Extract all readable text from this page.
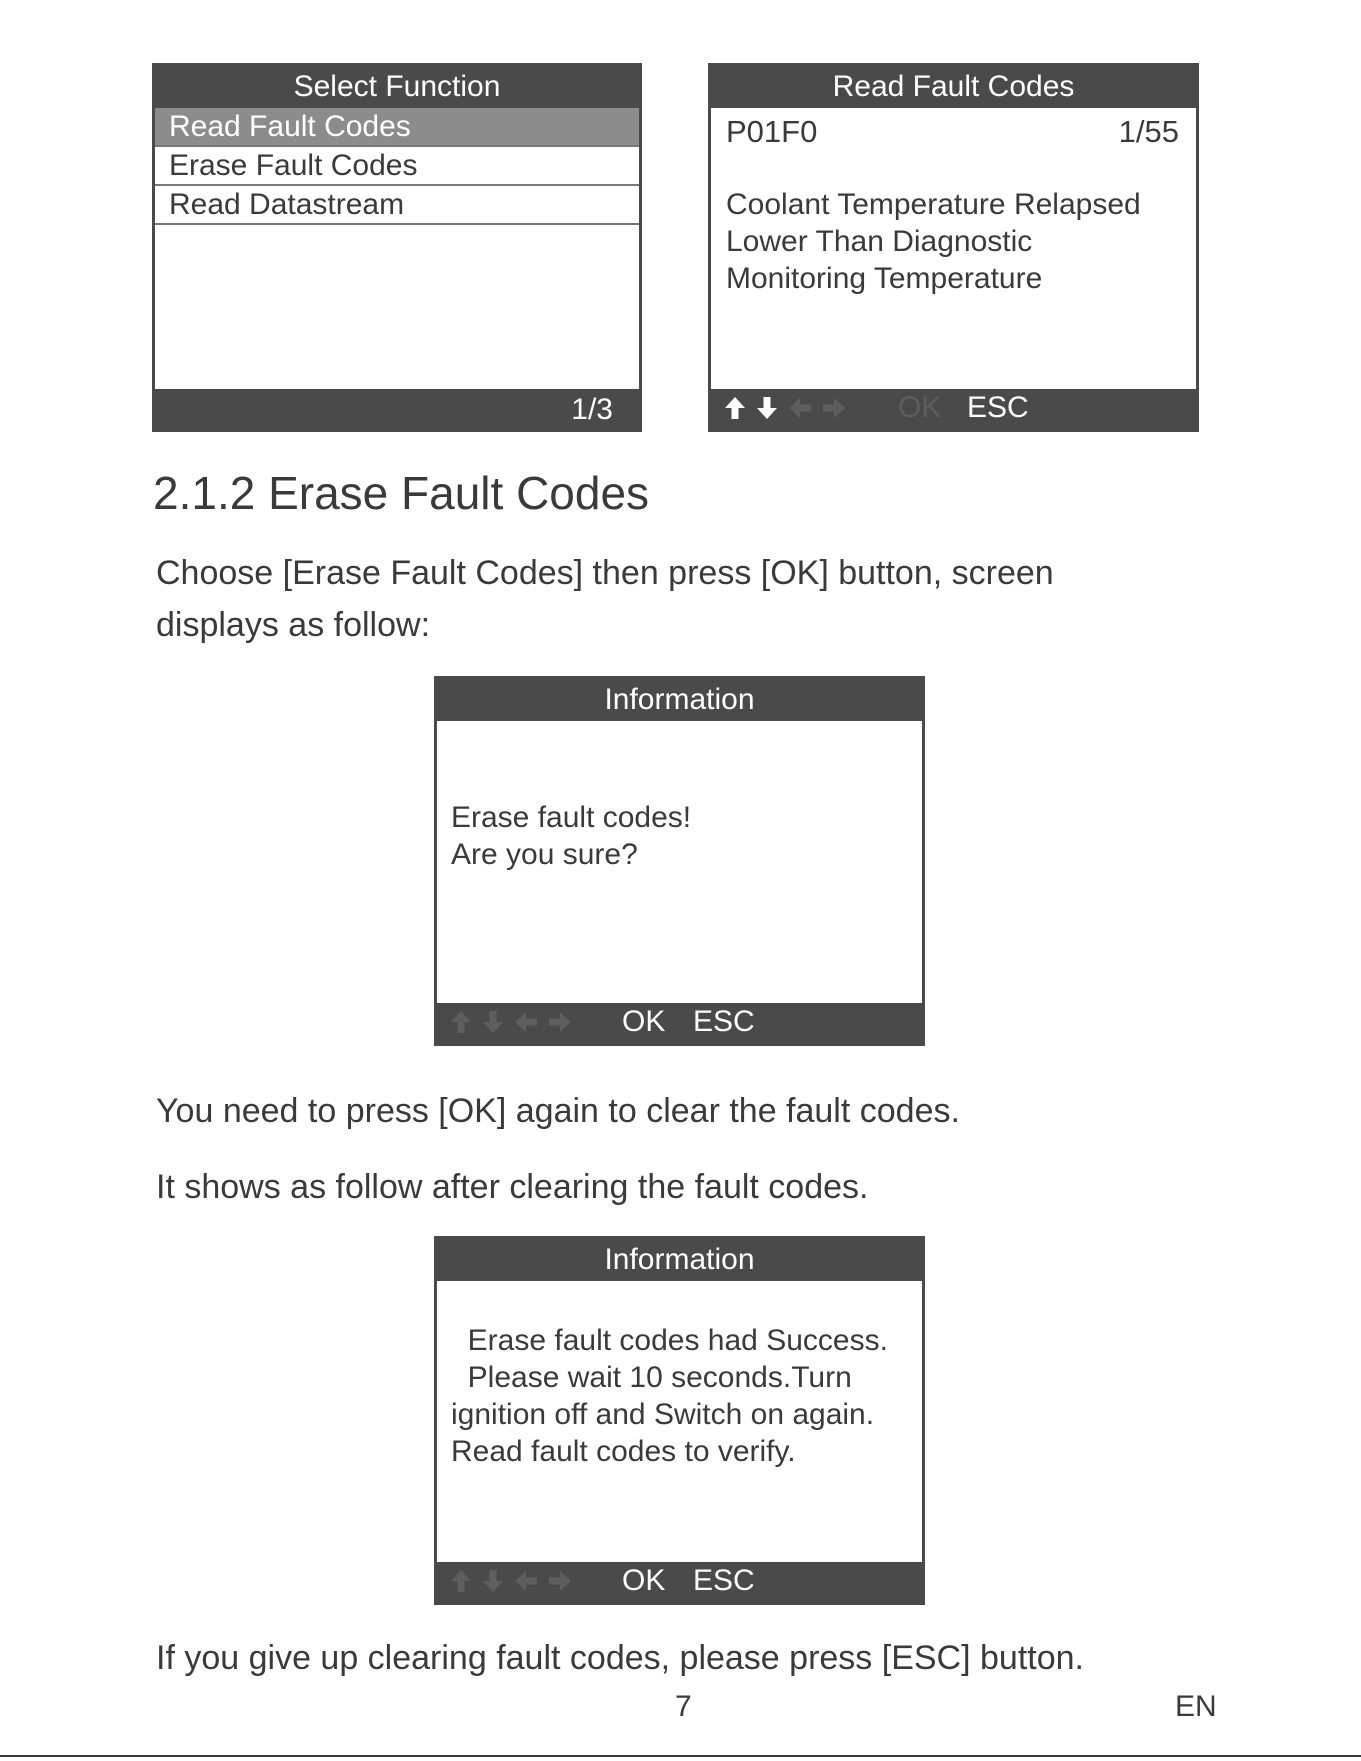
Select Function
Read Fault Codes
Erase Fault Codes
Read Datastream
1/3
Read Fault Codes
P01F0	1/55
Coolant Temperature Relapsed
Lower Than Diagnostic
Monitoring Temperature
OK ESC
2.1.2 Erase Fault Codes
Choose [Erase Fault Codes] then press [OK] button, screen
displays as follow:
Information
Erase fault codes!
Are you sure?
OK ESC
You need to press [OK] again to clear the fault codes.
It shows as follow after clearing the fault codes.
Information
Erase fault codes had Success.
Please wait 10 seconds.Turn
ignition off and Switch on again.
Read fault codes to verify.
OK ESC
If you give up clearing fault codes, please press [ESC] button.
7	EN
